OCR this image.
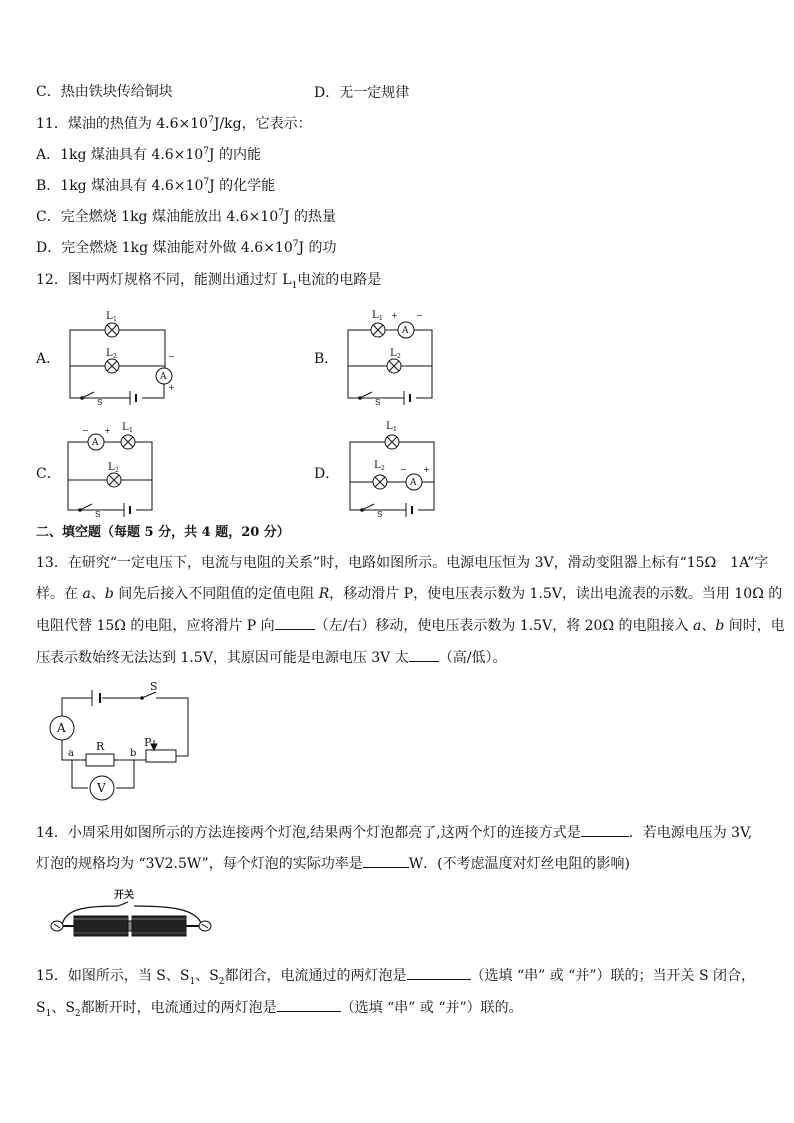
C．热由铁块传给铜块	D．无一定规律
11．煤油的热值为 $4.6\times 10^7J/kg$，它表示：
A．1kg 煤油具有 $4.6\times 10^7J$ 的内能
B．1kg 煤油具有 $4.6\times 10^7J$ 的化学能
C．完全燃烧 1kg 煤油能放出 $4.6\times 10^7J$ 的热量
D．完全燃烧 1kg 煤油能对外做 $4.6\times 10^7J$ 的功
12．图中两灯规格不同，能测出通过灯 $L_1$电流的电路是
A．	B．
C．	D．
L 1
L 2
A
−
+
S
L 1 + −
A
L 2
S
− +
A
L 1
L 2
S
L 1
L 2 − +
A
S
二、填空题（每题 5 分，共 4 题，20 分）
13．在研究“一定电压下，电流与电阻的关系”时，电路如图所示。电源电压恒为 3V，滑动变阻器上标有“15Ω　1A”字
样。在 a、b 间先后接入不同阻值的定值电阻 R，移动滑片 P，使电压表示数为 1.5V，读出电流表的示数。当用 10Ω 的
电阻代替 15Ω 的电阻，应将滑片 P 向	（左/右）移动，使电压表示数为 1.5V，将 20Ω 的电阻接入 a、b 间时，电
压表示数始终无法达到 1.5V，其原因可能是电源电压 3V 太 （高/低）。
S
A
R
a	b
P
V
14．小周采用如图所示的方法连接两个灯泡,结果两个灯泡都亮了,这两个灯的连接方式是	．若电源电压为 3V,
灯泡的规格均为 “3V2.5W”，每个灯泡的实际功率是	W．(不考虑温度对灯丝电阻的影响)
开关
15．如图所示，当 S、$S_1$、$S_2$都闭合，电流通过的两灯泡是	（选填 “串” 或 “并”）联的；当开关 S 闭合，
$S_1$、$S_2$都断开时，电流通过的两灯泡是	（选填 “串” 或 “并”）联的。
